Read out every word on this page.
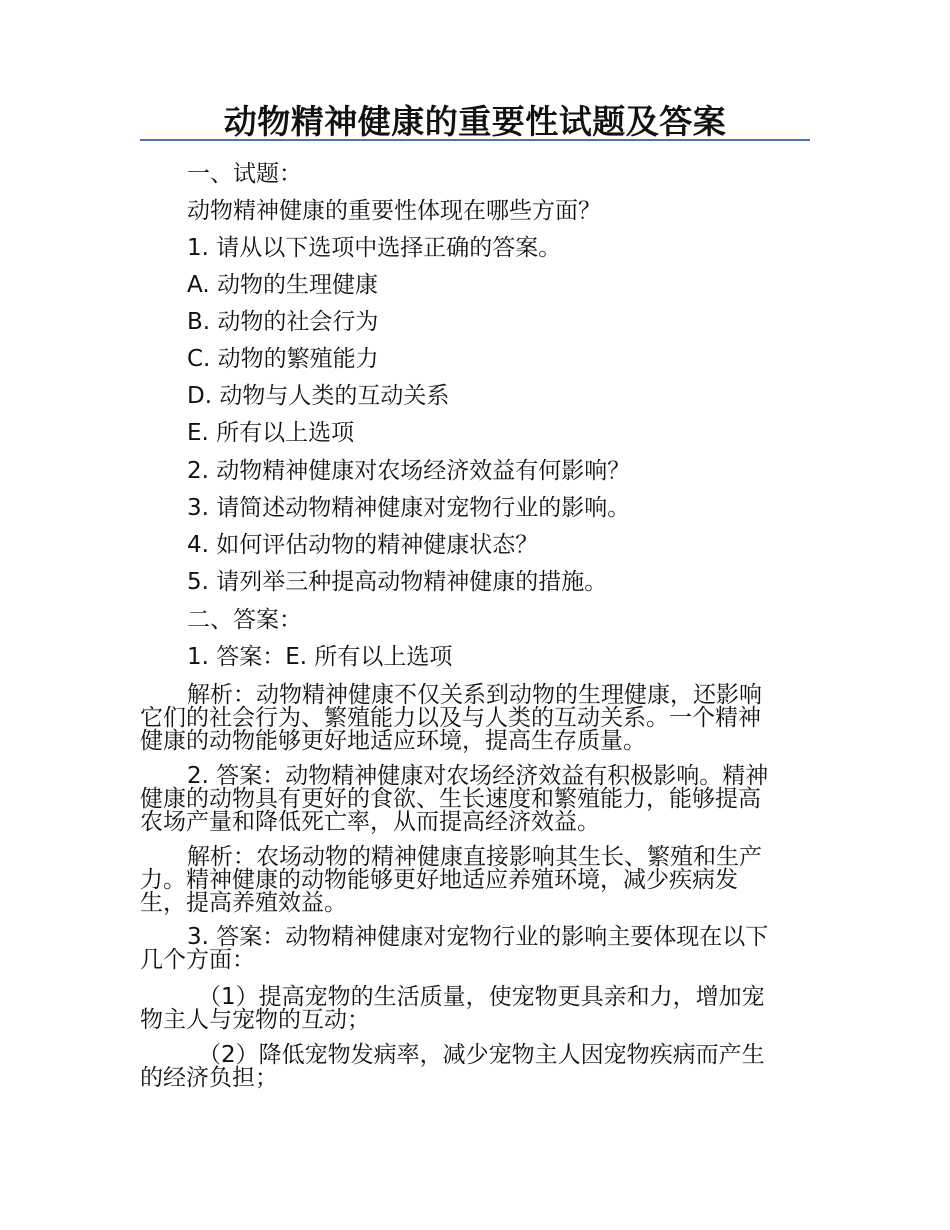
动物精神健康的重要性试题及答案
一、试题：
动物精神健康的重要性体现在哪些方面？
1. 请从以下选项中选择正确的答案。
A. 动物的生理健康
B. 动物的社会行为
C. 动物的繁殖能力
D. 动物与人类的互动关系
E. 所有以上选项
2. 动物精神健康对农场经济效益有何影响？
3. 请简述动物精神健康对宠物行业的影响。
4. 如何评估动物的精神健康状态？
5. 请列举三种提高动物精神健康的措施。
二、答案：
1. 答案：E. 所有以上选项
解析：动物精神健康不仅关系到动物的生理健康，还影响
它们的社会行为、繁殖能力以及与人类的互动关系。一个精神
健康的动物能够更好地适应环境，提高生存质量。
2. 答案：动物精神健康对农场经济效益有积极影响。精神
健康的动物具有更好的食欲、生长速度和繁殖能力，能够提高
农场产量和降低死亡率，从而提高经济效益。
解析：农场动物的精神健康直接影响其生长、繁殖和生产
力。精神健康的动物能够更好地适应养殖环境，减少疾病发
生，提高养殖效益。
3. 答案：动物精神健康对宠物行业的影响主要体现在以下
几个方面：
（1）提高宠物的生活质量，使宠物更具亲和力，增加宠
物主人与宠物的互动；
（2）降低宠物发病率，减少宠物主人因宠物疾病而产生
的经济负担；
